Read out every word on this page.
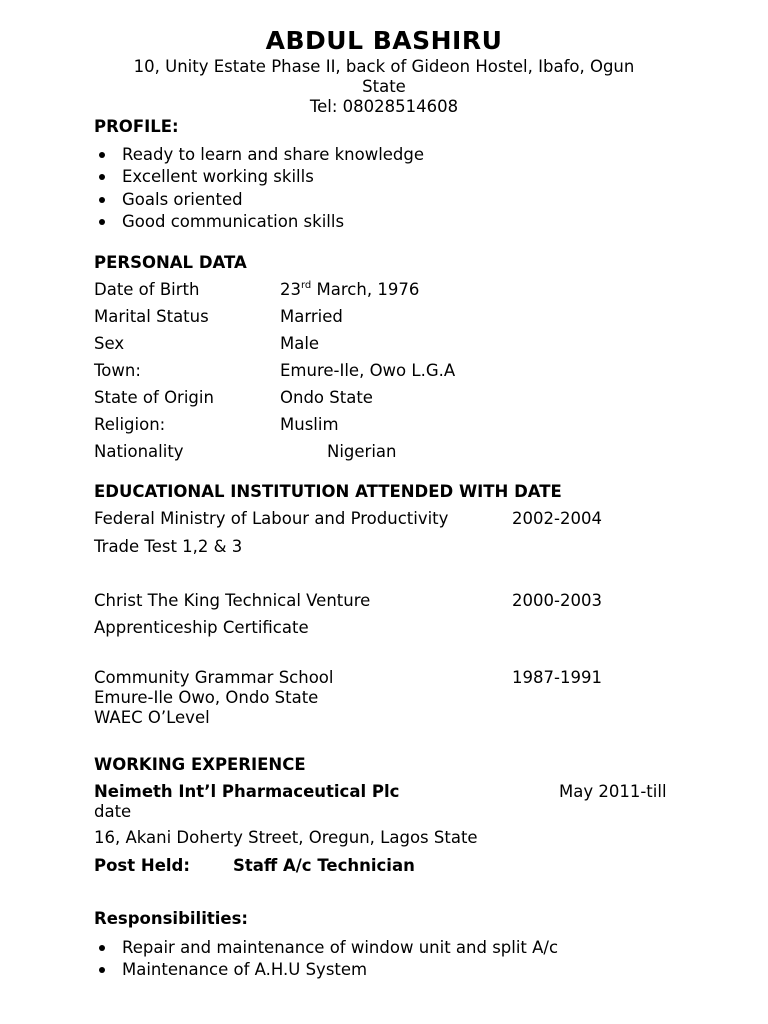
ABDUL BASHIRU
10, Unity Estate Phase II, back of Gideon Hostel, Ibafo, Ogun
State
Tel: 08028514608
PROFILE:
Ready to learn and share knowledge
Excellent working skills
Goals oriented
Good communication skills
PERSONAL DATA
Date of Birth	23rd March, 1976
Marital Status	Married
Sex	Male
Town:	Emure-Ile, Owo L.G.A
State of Origin	Ondo State
Religion:	Muslim
Nationality	Nigerian
EDUCATIONAL INSTITUTION ATTENDED WITH DATE
Federal Ministry of Labour and Productivity	2002-2004
Trade Test 1,2 & 3
Christ The King Technical Venture	2000-2003
Apprenticeship Certificate
Community Grammar School	1987-1991
Emure-Ile Owo, Ondo State
WAEC O’Level
WORKING EXPERIENCE
Neimeth Int’l Pharmaceutical Plc	May 2011-till
date
16, Akani Doherty Street, Oregun, Lagos State
Post Held:	Staff A/c Technician
Responsibilities:
Repair and maintenance of window unit and split A/c
Maintenance of A.H.U System
